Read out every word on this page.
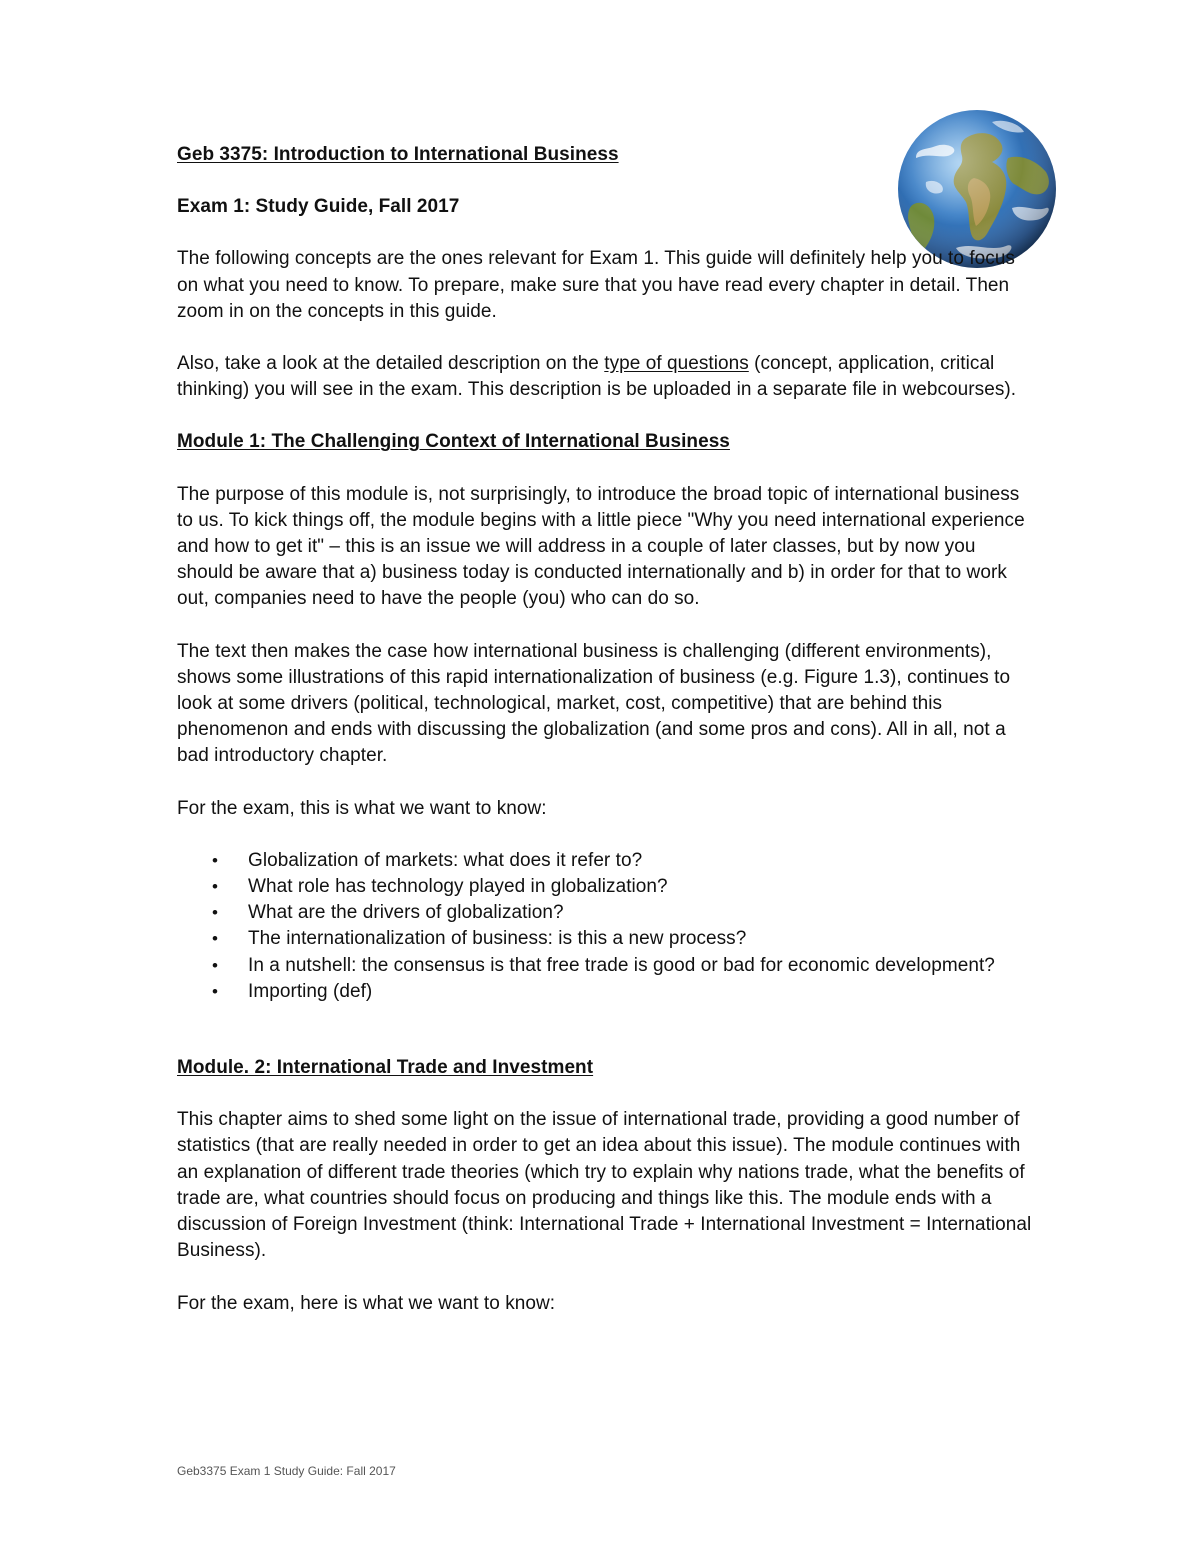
Geb 3375: Introduction to International Business

Exam 1: Study Guide, Fall 2017

The following concepts are the ones relevant for Exam 1. This guide will definitely help you to focus on what you need to know. To prepare, make sure that you have read every chapter in detail. Then zoom in on the concepts in this guide.

Also, take a look at the detailed description on the type of questions (concept, application, critical thinking) you will see in the exam. This description is be uploaded in a separate file in webcourses).

Module 1: The Challenging Context of International Business

The purpose of this module is, not surprisingly, to introduce the broad topic of international business to us. To kick things off, the module begins with a little piece "Why you need international experience and how to get it" – this is an issue we will address in a couple of later classes, but by now you should be aware that a) business today is conducted internationally and b) in order for that to work out, companies need to have the people (you) who can do so.

The text then makes the case how international business is challenging (different environments), shows some illustrations of this rapid internationalization of business (e.g. Figure 1.3), continues to look at some drivers (political, technological, market, cost, competitive) that are behind this phenomenon and ends with discussing the globalization (and some pros and cons). All in all, not a bad introductory chapter.

For the exam, this is what we want to know:

• Globalization of markets: what does it refer to?
• What role has technology played in globalization?
• What are the drivers of globalization?
• The internationalization of business: is this a new process?
• In a nutshell: the consensus is that free trade is good or bad for economic development?
• Importing (def)

Module. 2: International Trade and Investment

This chapter aims to shed some light on the issue of international trade, providing a good number of statistics (that are really needed in order to get an idea about this issue). The module continues with an explanation of different trade theories (which try to explain why nations trade, what the benefits of trade are, what countries should focus on producing and things like this. The module ends with a discussion of Foreign Investment (think: International Trade + International Investment = International Business).

For the exam, here is what we want to know:

Geb3375 Exam 1 Study Guide: Fall 2017
